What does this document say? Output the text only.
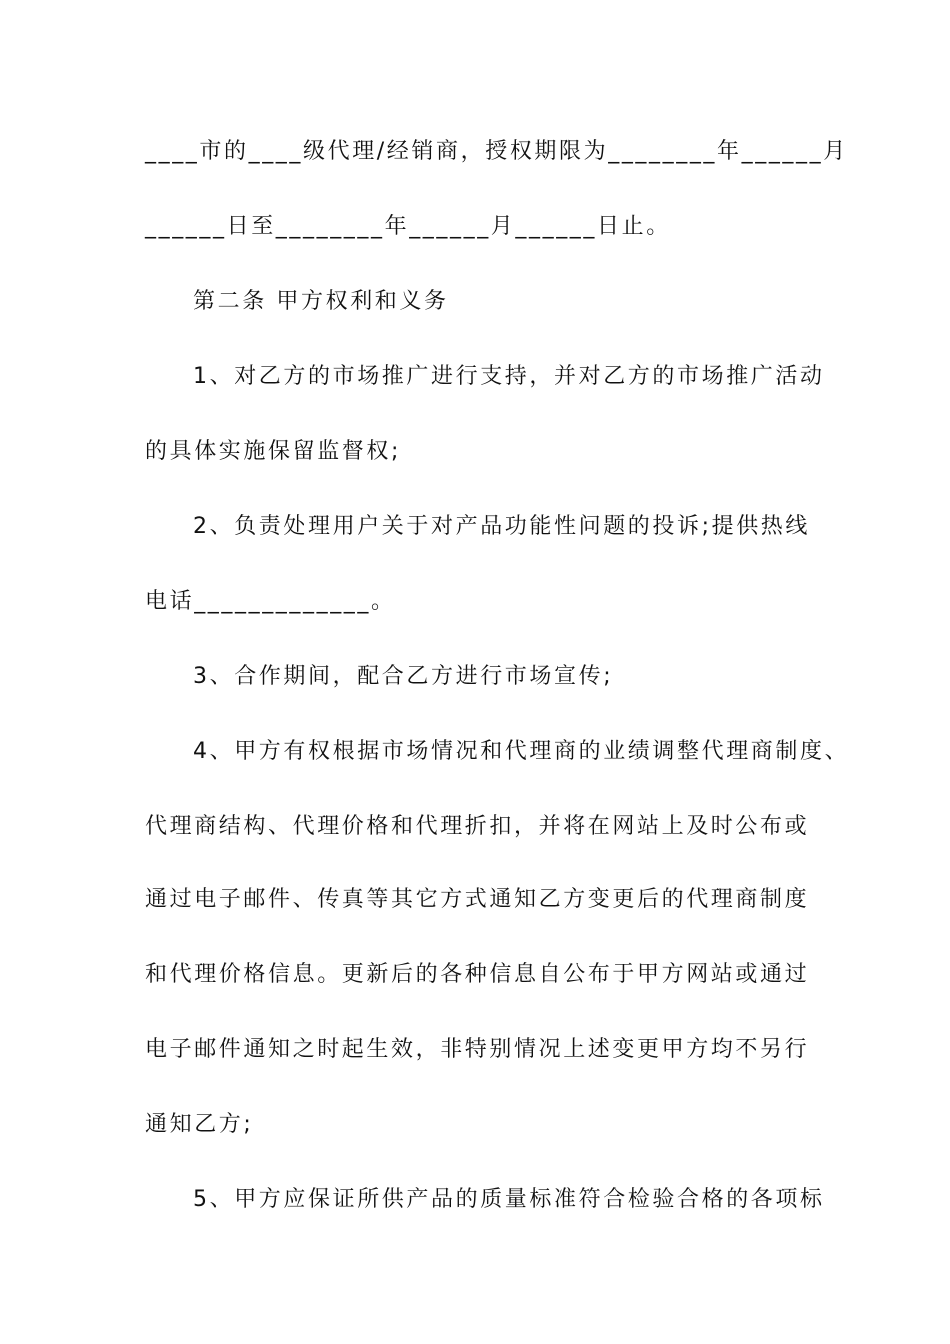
____市的____级代理/经销商，授权期限为________年______月
______日至________年______月______日止。
第二条 甲方权利和义务
1、对乙方的市场推广进行支持，并对乙方的市场推广活动
的具体实施保留监督权;
2、负责处理用户关于对产品功能性问题的投诉;提供热线
电话_____________。
3、合作期间，配合乙方进行市场宣传;
4、甲方有权根据市场情况和代理商的业绩调整代理商制度、
代理商结构、代理价格和代理折扣，并将在网站上及时公布或
通过电子邮件、传真等其它方式通知乙方变更后的代理商制度
和代理价格信息。更新后的各种信息自公布于甲方网站或通过
电子邮件通知之时起生效，非特别情况上述变更甲方均不另行
通知乙方;
5、甲方应保证所供产品的质量标准符合检验合格的各项标
